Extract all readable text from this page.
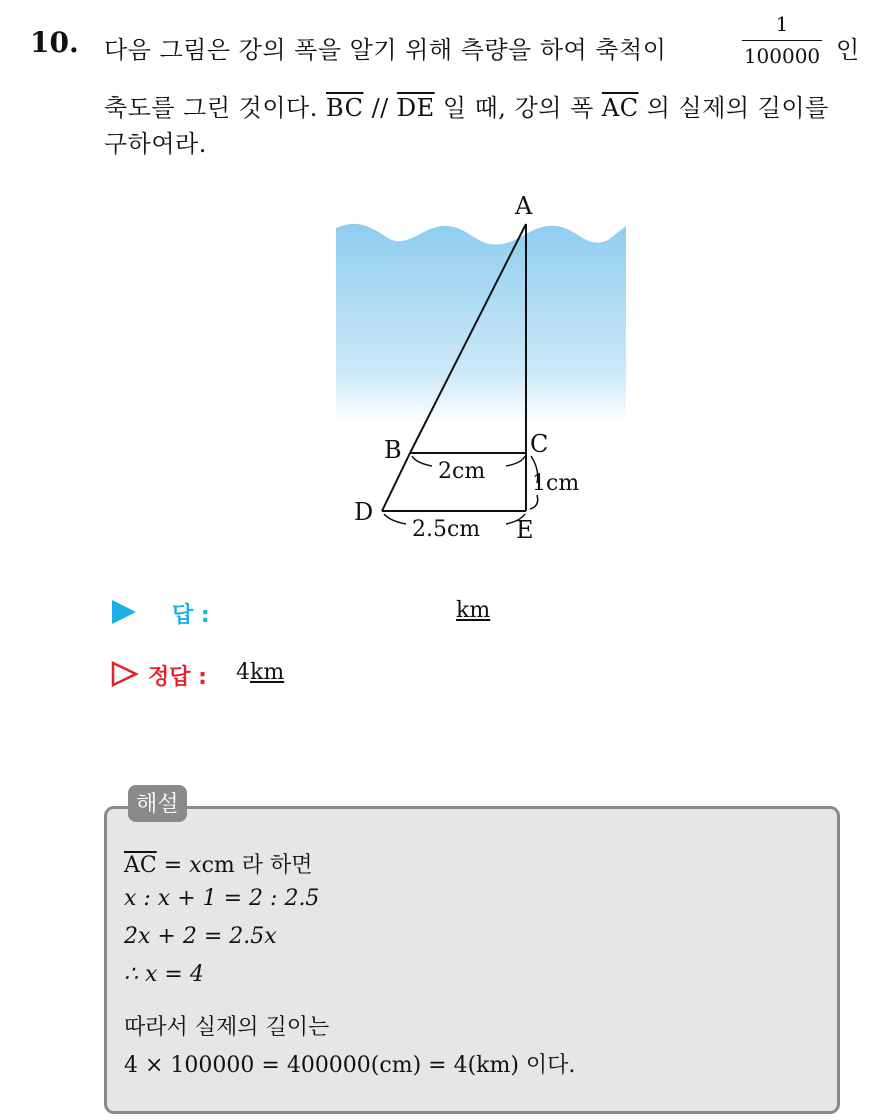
10. 다음 그림은 강의 폭을 알기 위해 측량을 하여 축척이	$\frac{1}{100000}$ 인
축도를 그린 것이다. $\overline{BC} // \overline{DE}$ 일 때, 강의 폭 $\overline{AC}$ 의 실제의 길이를
구하여라.
A
B	C
D
E
2cm 1cm
2.5cm
답 :	km
정답 : 4km
해설
$\overline{AC}$ = xcm 라 하면
x : x + 1 = 2 : 2.5
2x + 2 = 2.5x
∴ x = 4
따라서 실제의 길이는
4 × 100000 = 400000(cm) = 4(km) 이다.
